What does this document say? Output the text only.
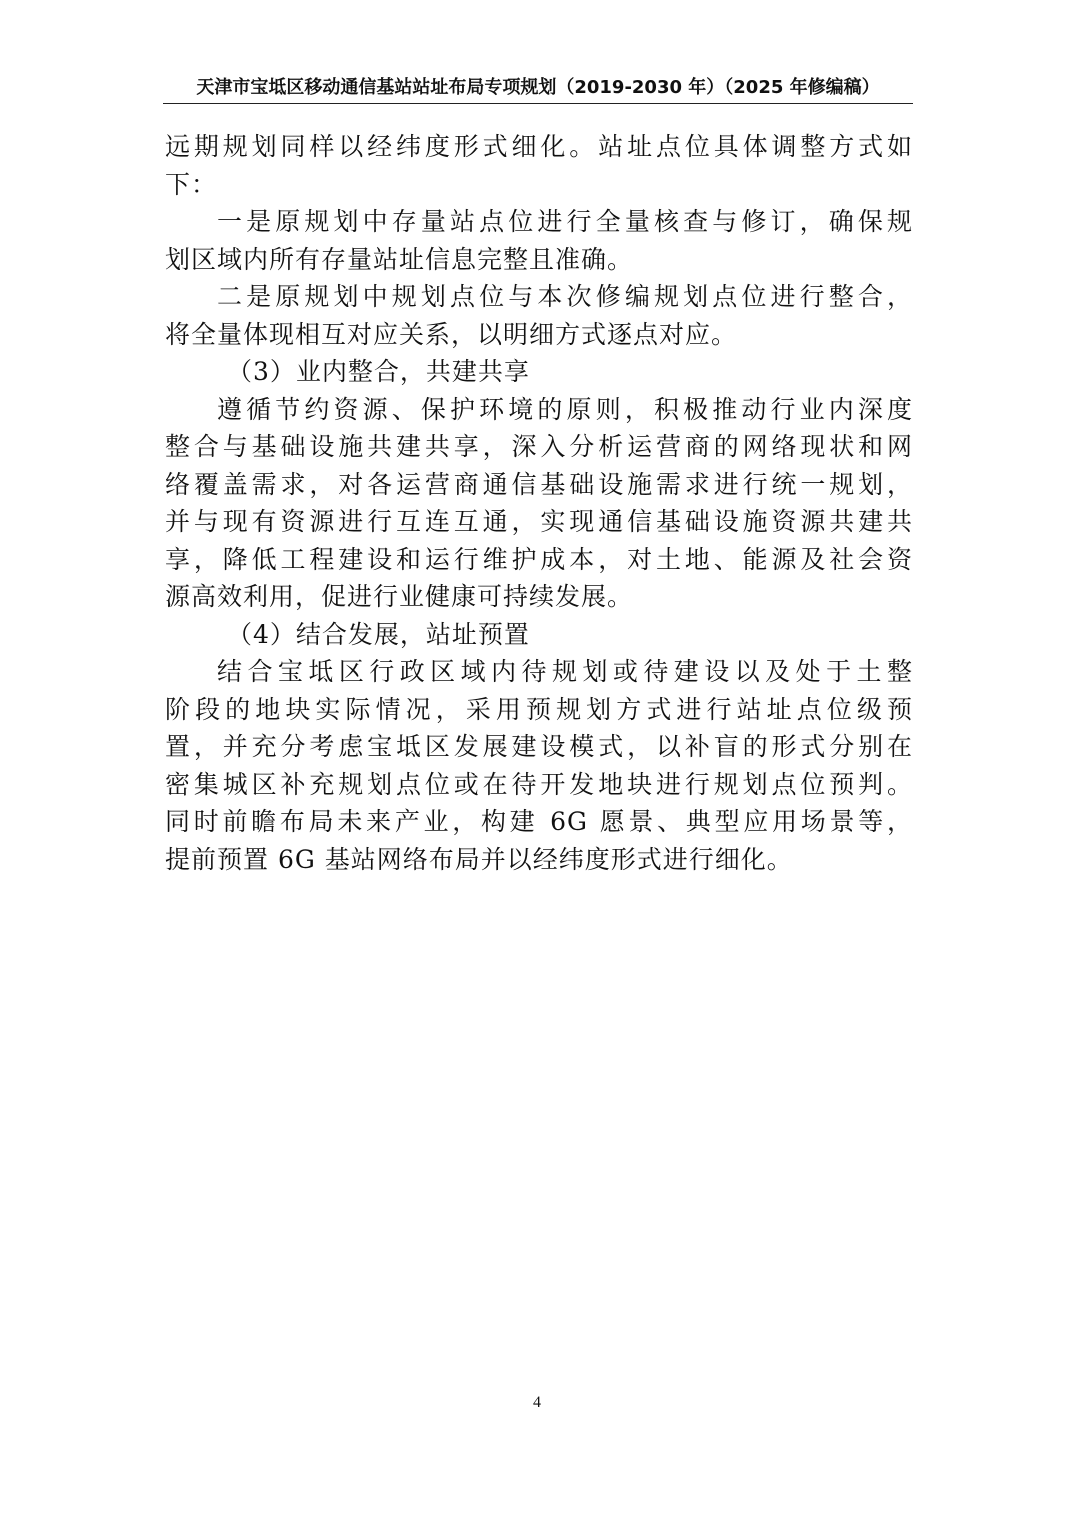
天津市宝坻区移动通信基站站址布局专项规划（2019-2030 年）（2025 年修编稿）
远期规划同样以经纬度形式细化。站址点位具体调整方式如
下：
一是原规划中存量站点位进行全量核查与修订，确保规
划区域内所有存量站址信息完整且准确。
二是原规划中规划点位与本次修编规划点位进行整合，
将全量体现相互对应关系，以明细方式逐点对应。
（3）业内整合，共建共享
遵循节约资源、保护环境的原则，积极推动行业内深度
整合与基础设施共建共享，深入分析运营商的网络现状和网
络覆盖需求，对各运营商通信基础设施需求进行统一规划，
并与现有资源进行互连互通，实现通信基础设施资源共建共
享，降低工程建设和运行维护成本，对土地、能源及社会资
源高效利用，促进行业健康可持续发展。
（4）结合发展，站址预置
结合宝坻区行政区域内待规划或待建设以及处于土整
阶段的地块实际情况，采用预规划方式进行站址点位级预
置，并充分考虑宝坻区发展建设模式，以补盲的形式分别在
密集城区补充规划点位或在待开发地块进行规划点位预判。
同时前瞻布局未来产业，构建 6G 愿景、典型应用场景等，
提前预置 6G 基站网络布局并以经纬度形式进行细化。
4
